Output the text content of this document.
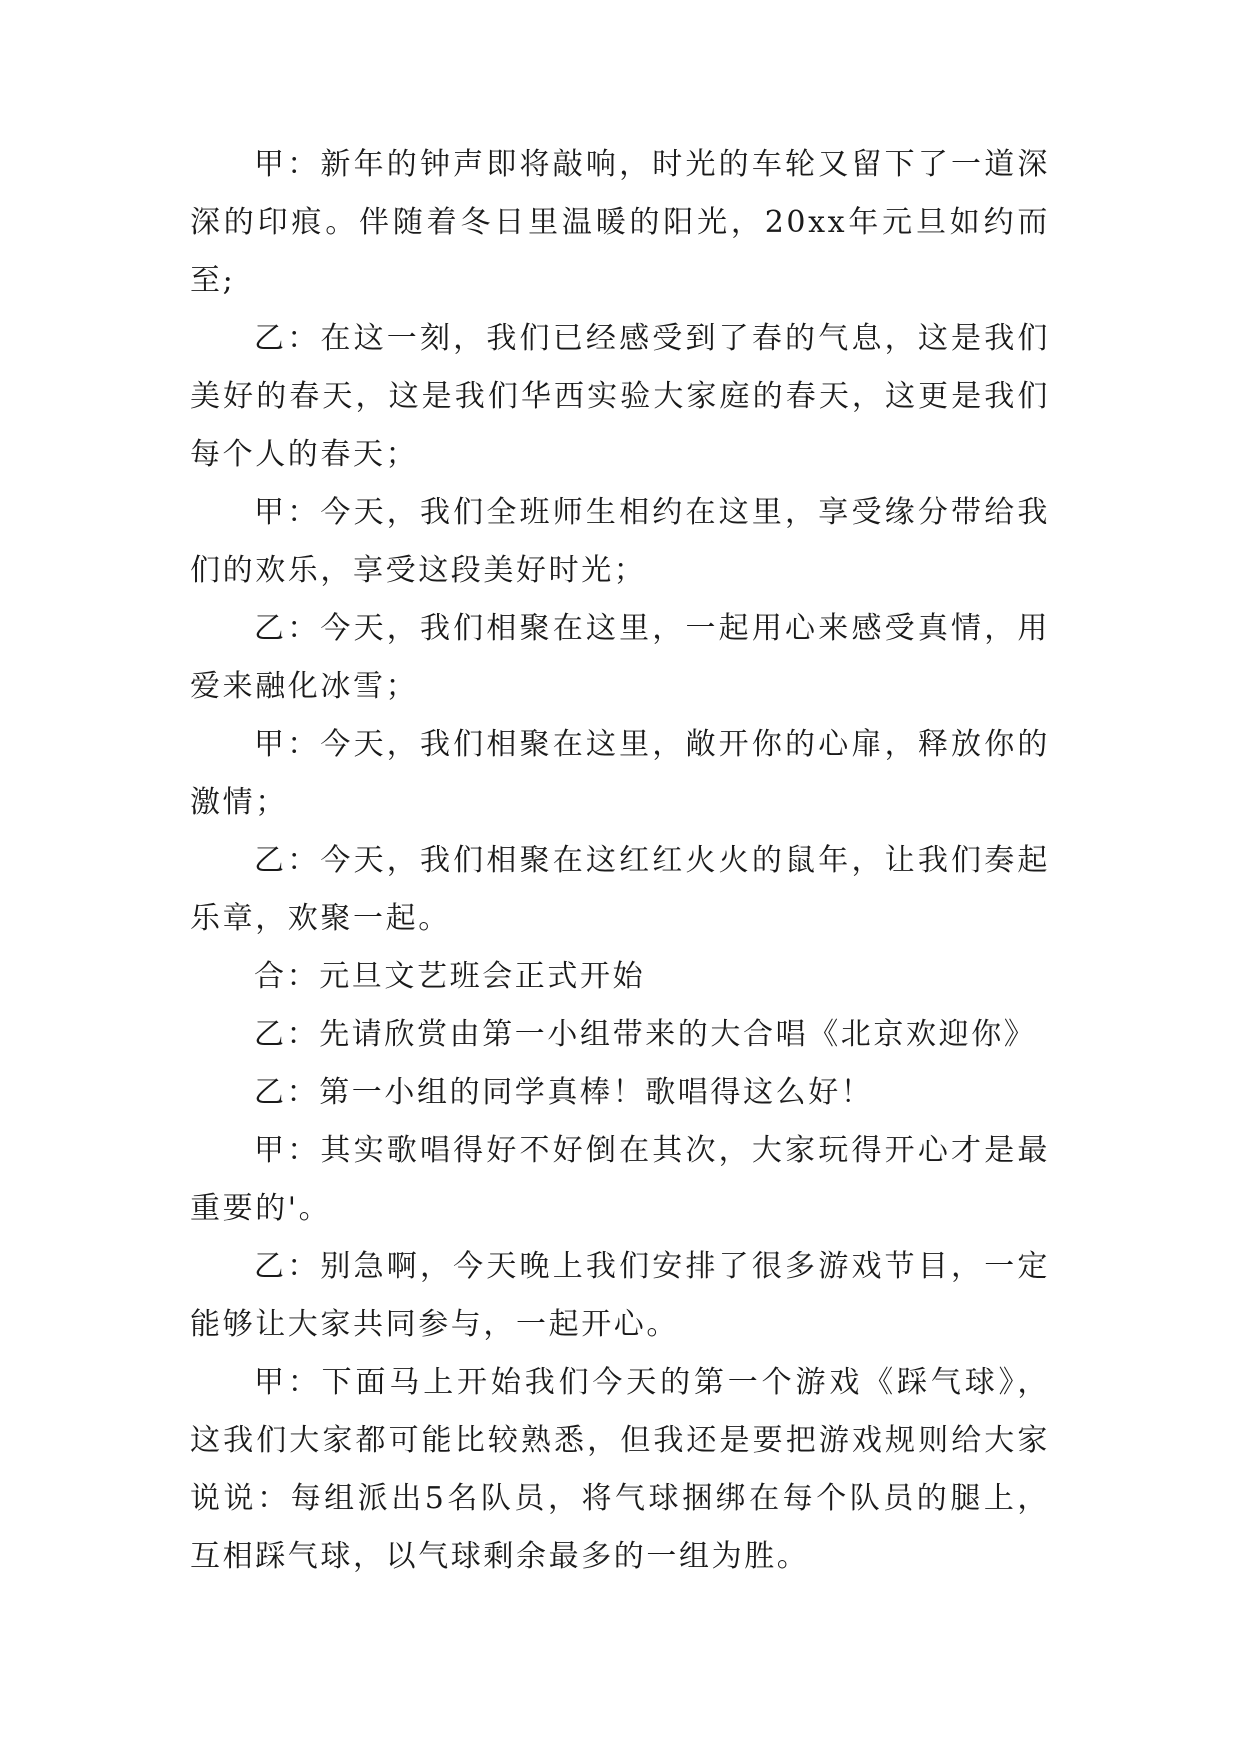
甲：新年的钟声即将敲响，时光的车轮又留下了一道深深的印痕。伴随着冬日里温暖的阳光，20xx年元旦如约而至;

乙：在这一刻，我们已经感受到了春的气息，这是我们美好的春天，这是我们华西实验大家庭的春天，这更是我们每个人的春天；

甲：今天，我们全班师生相约在这里，享受缘分带给我们的欢乐，享受这段美好时光；

乙：今天，我们相聚在这里，一起用心来感受真情，用爱来融化冰雪；

甲：今天，我们相聚在这里，敞开你的心扉，释放你的激情；

乙：今天，我们相聚在这红红火火的鼠年，让我们奏起乐章，欢聚一起。

合：元旦文艺班会正式开始

乙：先请欣赏由第一小组带来的大合唱《北京欢迎你》

乙：第一小组的同学真棒！歌唱得这么好！

甲：其实歌唱得好不好倒在其次，大家玩得开心才是最重要的'。

乙：别急啊，今天晚上我们安排了很多游戏节目，一定能够让大家共同参与，一起开心。

甲：下面马上开始我们今天的第一个游戏《踩气球》，这我们大家都可能比较熟悉，但我还是要把游戏规则给大家说说：每组派出5名队员，将气球捆绑在每个队员的腿上，互相踩气球，以气球剩余最多的一组为胜。
